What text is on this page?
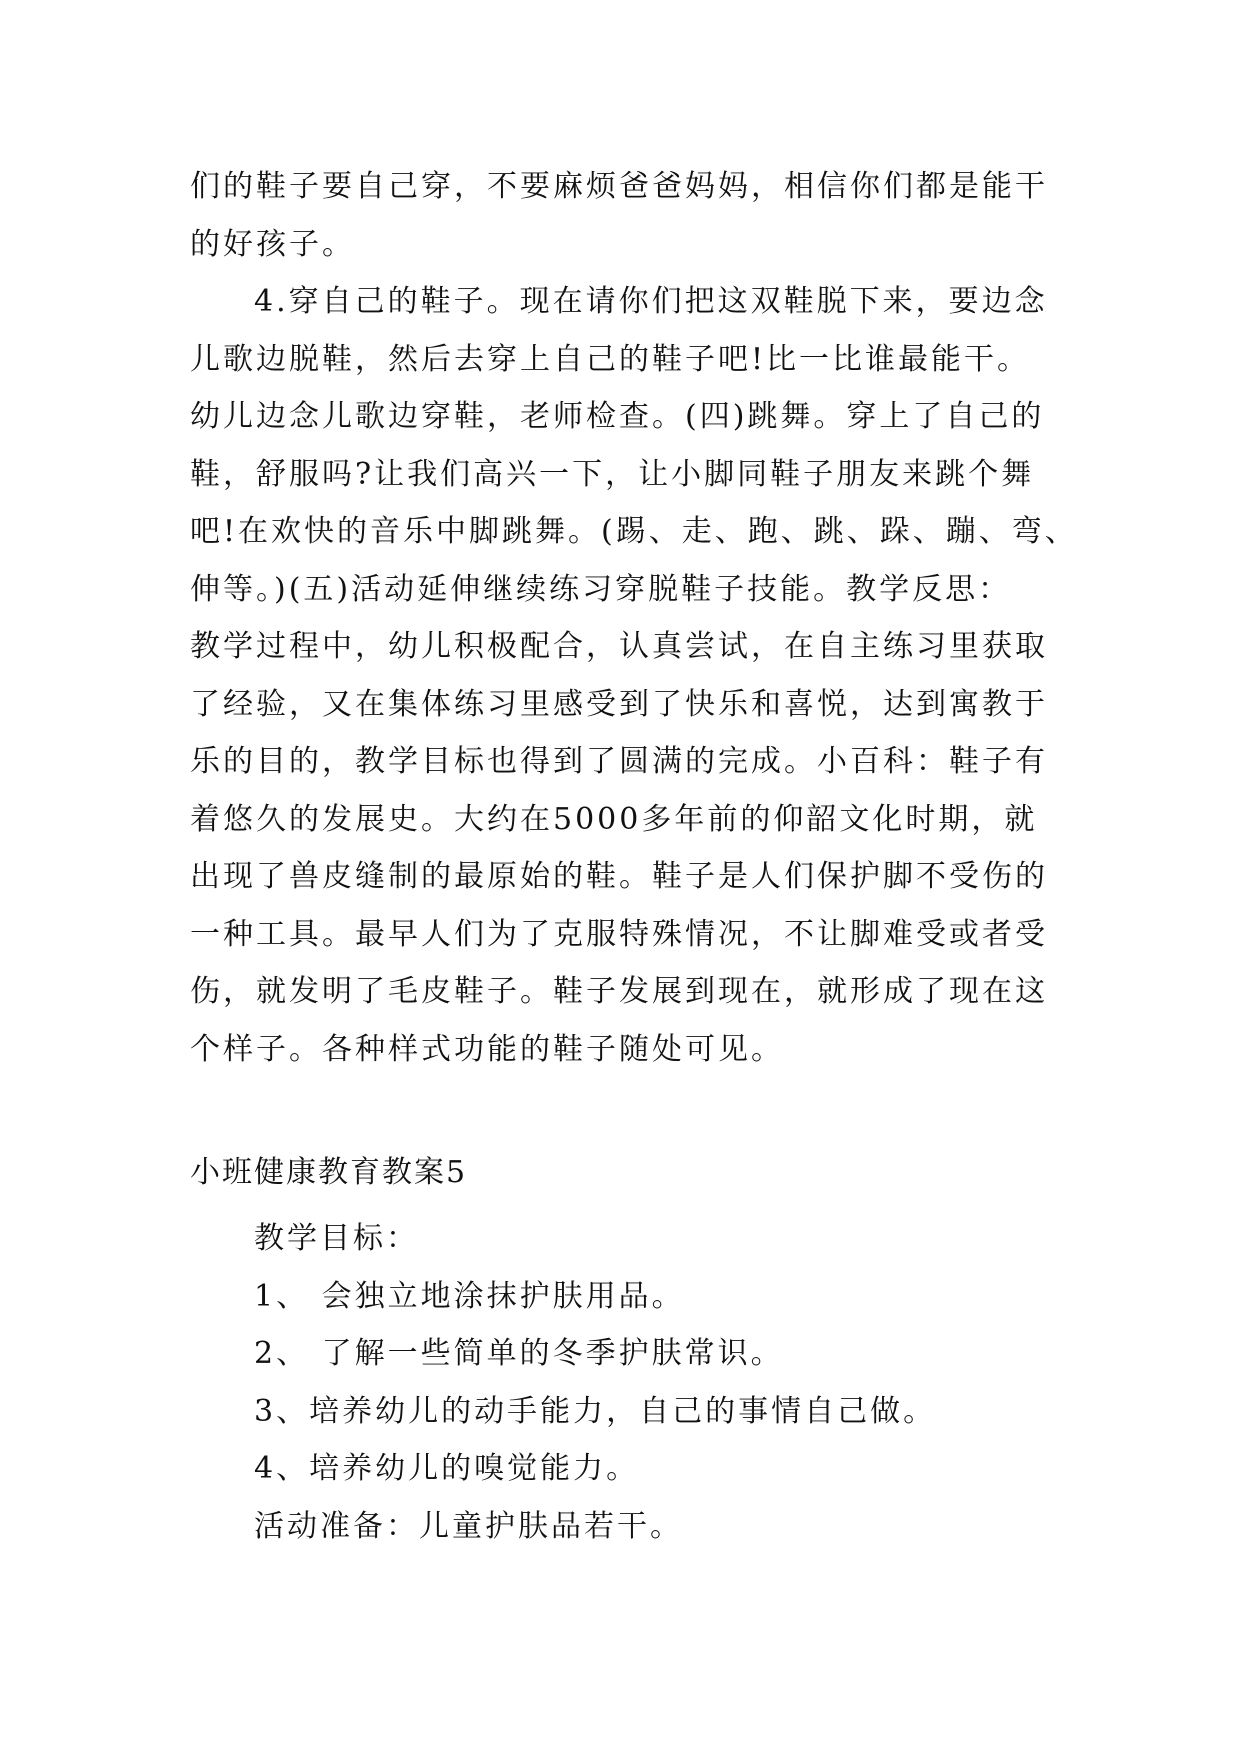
们的鞋子要自己穿，不要麻烦爸爸妈妈，相信你们都是能干
的好孩子。
4.穿自己的鞋子。现在请你们把这双鞋脱下来，要边念
儿歌边脱鞋，然后去穿上自己的鞋子吧!比一比谁最能干。
幼儿边念儿歌边穿鞋，老师检查。(四)跳舞。穿上了自己的
鞋，舒服吗?让我们高兴一下，让小脚同鞋子朋友来跳个舞
吧!在欢快的音乐中脚跳舞。(踢、走、跑、跳、跺、蹦、弯、
伸等。)(五)活动延伸继续练习穿脱鞋子技能。教学反思：
教学过程中，幼儿积极配合，认真尝试，在自主练习里获取
了经验，又在集体练习里感受到了快乐和喜悦，达到寓教于
乐的目的，教学目标也得到了圆满的完成。小百科：鞋子有
着悠久的发展史。大约在5000多年前的仰韶文化时期，就
出现了兽皮缝制的最原始的鞋。鞋子是人们保护脚不受伤的
一种工具。最早人们为了克服特殊情况，不让脚难受或者受
伤，就发明了毛皮鞋子。鞋子发展到现在，就形成了现在这
个样子。各种样式功能的鞋子随处可见。
小班健康教育教案5
教学目标：
1、 会独立地涂抹护肤用品。
2、 了解一些简单的冬季护肤常识。
3、培养幼儿的动手能力，自己的事情自己做。
4、培养幼儿的嗅觉能力。
活动准备：儿童护肤品若干。
